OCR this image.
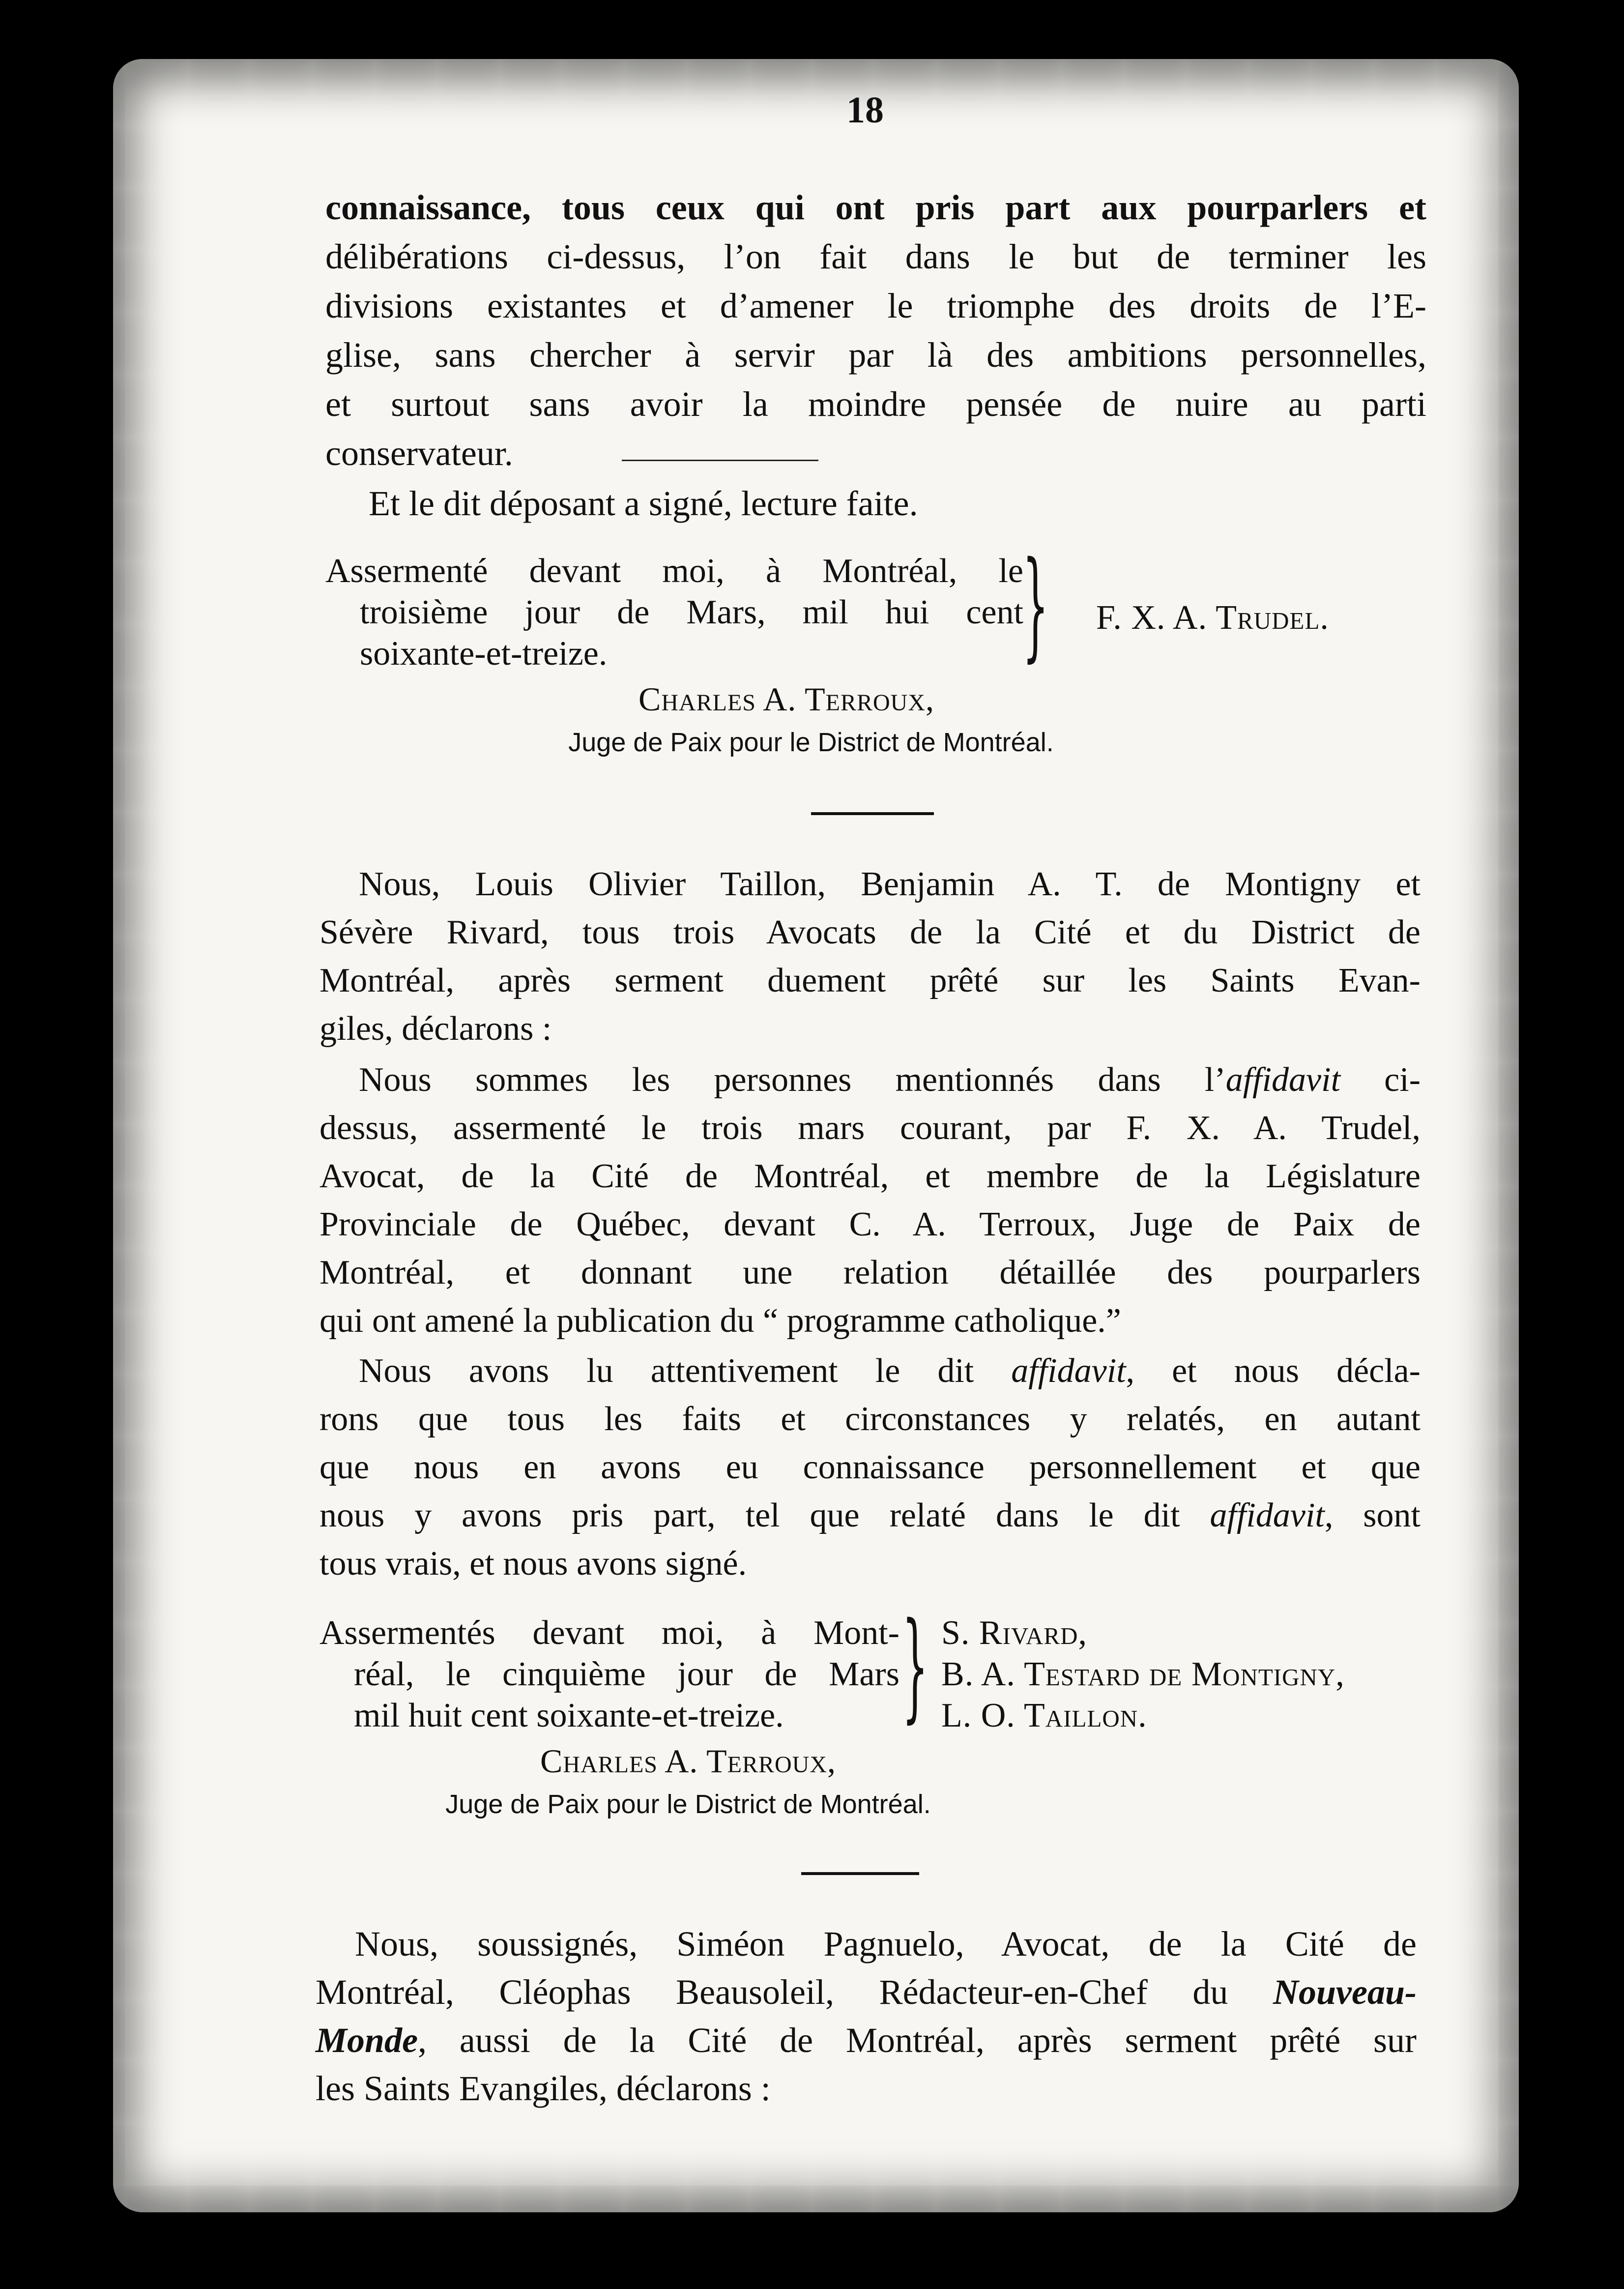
18
connaissance, tous ceux qui ont pris part aux pourparlers et
délibérations ci-dessus, l’on fait dans le but de terminer les
divisions existantes et d’amener le triomphe des droits de l’E-
glise, sans chercher à servir par là des ambitions personnelles,
et surtout sans avoir la moindre pensée de nuire au parti
conservateur.
Et le dit déposant a signé, lecture faite.
Assermenté devant moi, à Montréal, le
troisième jour de Mars, mil hui cent
soixante-et-treize.	} F. X. A. Trudel.
Charles A. Terroux,
Juge de Paix pour le District de Montréal.
Nous, Louis Olivier Taillon, Benjamin A. T. de Montigny et
Sévère Rivard, tous trois Avocats de la Cité et du District de
Montréal, après serment duement prêté sur les Saints Evan-
giles, déclarons :
Nous sommes les personnes mentionnés dans l’affidavit ci-
dessus, assermenté le trois mars courant, par F. X. A. Trudel,
Avocat, de la Cité de Montréal, et membre de la Législature
Provinciale de Québec, devant C. A. Terroux, Juge de Paix de
Montréal, et donnant une relation détaillée des pourparlers
qui ont amené la publication du “ programme catholique.”
Nous avons lu attentivement le dit affidavit, et nous décla-
rons que tous les faits et circonstances y relatés, en autant
que nous en avons eu connaissance personnellement et que
nous y avons pris part, tel que relaté dans le dit affidavit, sont
tous vrais, et nous avons signé.
Assermentés devant moi, à Mont-
réal, le cinquième jour de Mars
mil huit cent soixante-et-treize.	} S. Rivard,
B. A. Testard de Montigny,
L. O. Taillon.
Charles A. Terroux,
Juge de Paix pour le District de Montréal.
Nous, soussignés, Siméon Pagnuelo, Avocat, de la Cité de
Montréal, Cléophas Beausoleil, Rédacteur-en-Chef du Nouveau-
Monde, aussi de la Cité de Montréal, après serment prêté sur
les Saints Evangiles, déclarons :
